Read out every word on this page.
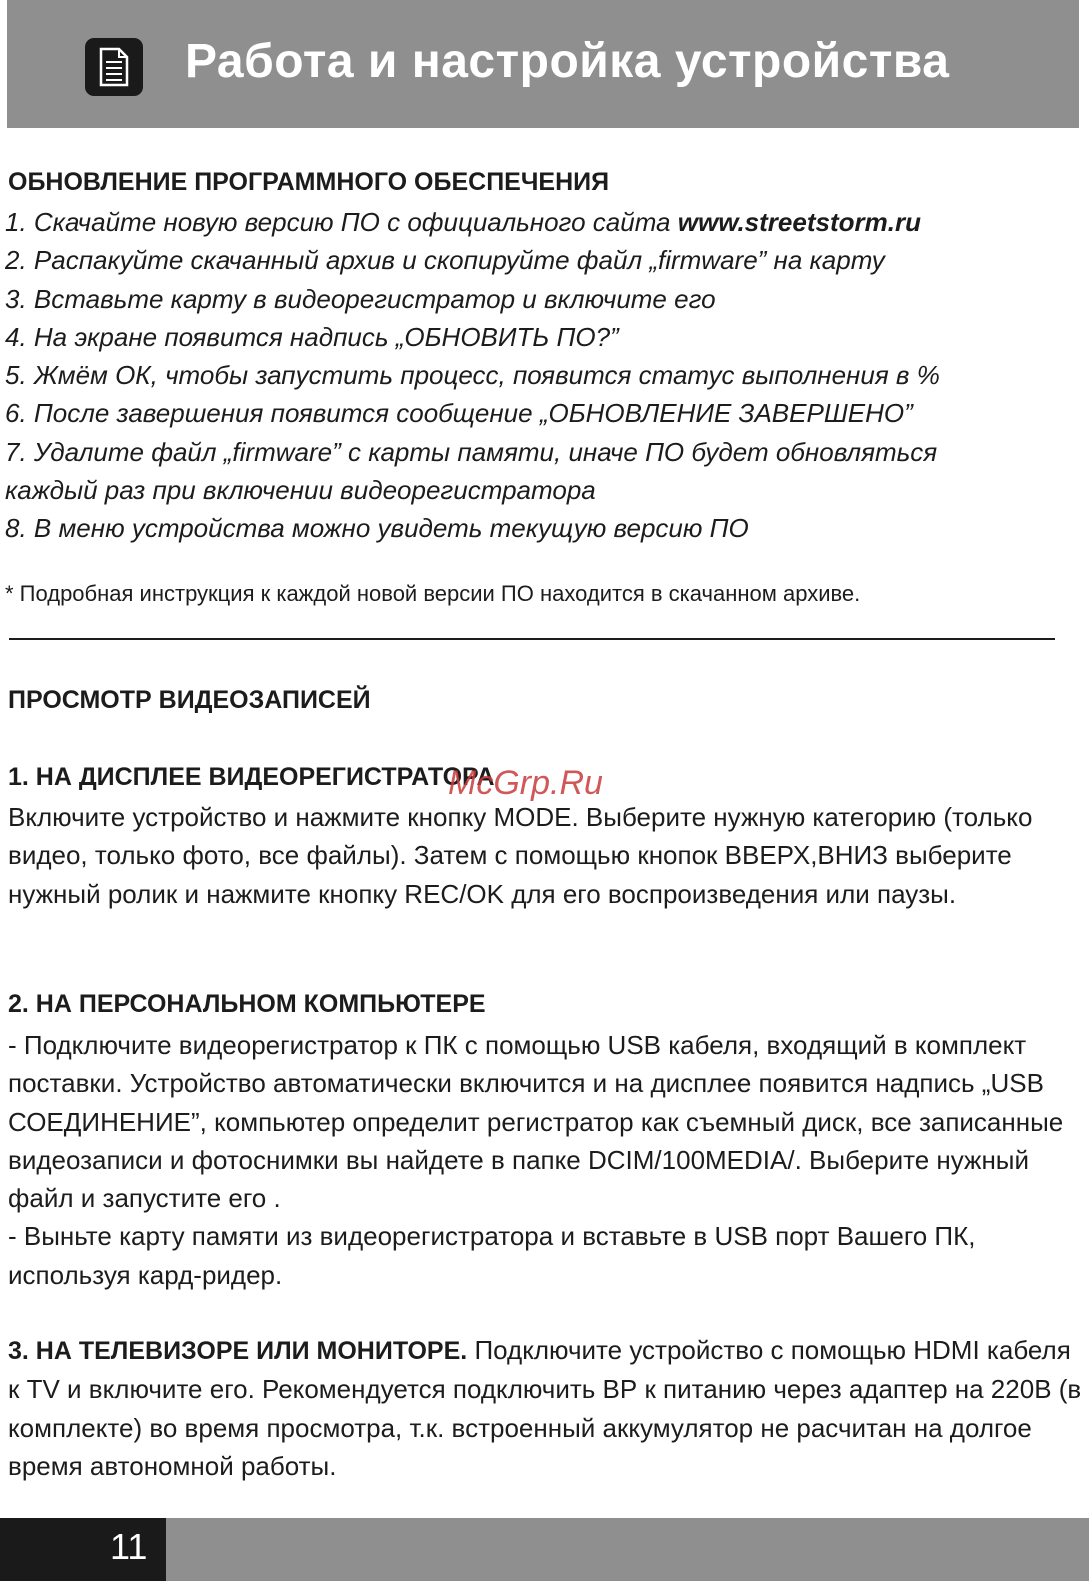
Работа и настройка устройства
ОБНОВЛЕНИЕ ПРОГРАММНОГО ОБЕСПЕЧЕНИЯ
1. Скачайте новую версию ПО с официального сайта www.streetstorm.ru
2. Распакуйте скачанный архив и скопируйте файл „firmware” на карту
3. Вставьте карту в видеорегистратор и включите его
4. На экране появится надпись „ОБНОВИТЬ ПО?”
5. Жмём ОК, чтобы запустить процесс, появится статус выполнения в %
6. После завершения появится сообщение „ОБНОВЛЕНИЕ ЗАВЕРШЕНО”
7. Удалите файл „firmware” с карты памяти, иначе ПО будет обновляться
каждый раз при включении видеорегистратора
8. В меню устройства можно увидеть текущую версию ПО
* Подробная инструкция к каждой новой версии ПО находится в скачанном архиве.
ПРОСМОТР ВИДЕОЗАПИСЕЙ
1. НА ДИСПЛЕЕ ВИДЕОРЕГИСТРАТОРА
McGrp.Ru
Включите устройство и нажмите кнопку MODE. Выберите нужную категорию (только видео, только фото, все файлы). Затем с помощью кнопок ВВЕРХ,ВНИЗ выберите нужный ролик и нажмите кнопку REC/OK для его воспроизведения или паузы.
2. НА ПЕРСОНАЛЬНОМ КОМПЬЮТЕРЕ
- Подключите видеорегистратор к ПК с помощью USB кабеля, входящий в комплект поставки. Устройство автоматически включится и на дисплее появится надпись „USB СОЕДИНЕНИЕ”, компьютер определит регистратор как съемный диск, все записанные видеозаписи и фотоснимки вы найдете в папке DCIM/100MEDIA/. Выберите нужный файл и запустите его .
- Выньте карту памяти из видеорегистратора и вставьте в USB порт Вашего ПК, используя кард-ридер.
3. НА ТЕЛЕВИЗОРЕ ИЛИ МОНИТОРЕ. Подключите устройство с помощью HDMI кабеля к TV и включите его. Рекомендуется подключить ВР к питанию через адаптер на 220В (в комплекте) во время просмотра, т.к. встроенный аккумулятор не расчитан на долгое время автономной работы.
11
